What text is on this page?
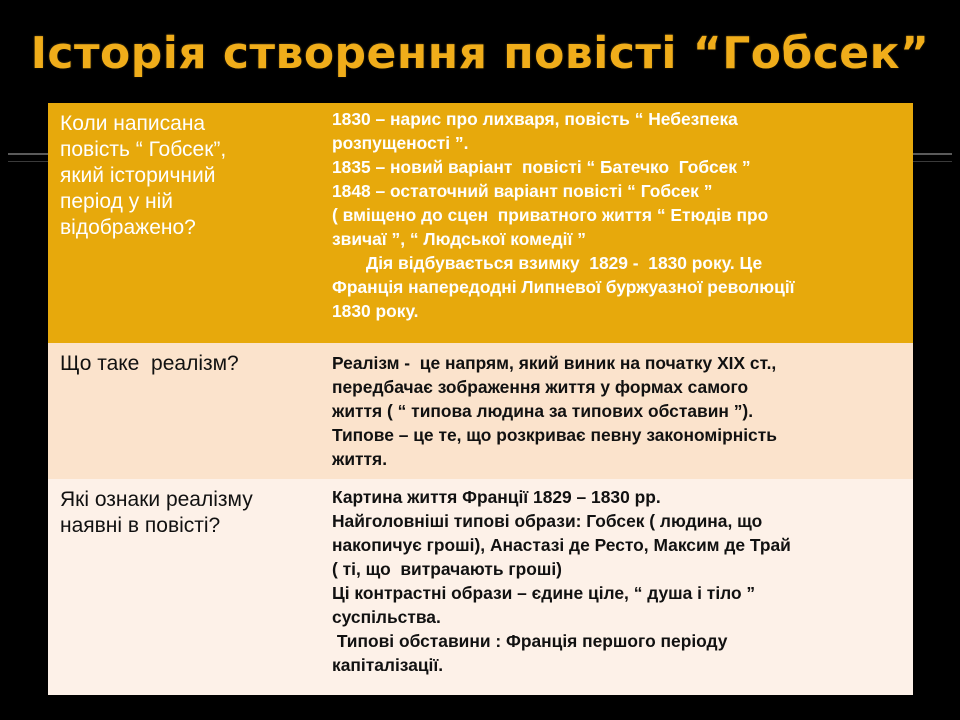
Історія створення повісті “Гобсек”
Коли написана
повість “ Гобсек”,
який історичний
період у ній
відображено?
1830 – нарис про лихваря, повість “ Небезпека
розпущеності ”.
1835 – новий варіант  повісті “ Батечко  Гобсек ”
1848 – остаточний варіант повісті “ Гобсек ”
( вміщено до сцен  приватного життя “ Етюдів про
звичаї ”, “ Людської комедії ”
Дія відбувається взимку  1829 -  1830 року. Це
Франція напередодні Липневої буржуазної революції
1830 року.
Що таке  реалізм?	Реалізм -  це напрям, який виник на початку ХІХ ст.,
передбачає зображення життя у формах самого
життя ( “ типова людина за типових обставин ”).
Типове – це те, що розкриває певну закономірність
життя.
Які ознаки реалізму
наявні в повісті?
Картина життя Франції 1829 – 1830 рр.
Найголовніші типові образи: Гобсек ( людина, що
накопичує гроші), Анастазі де Ресто, Максим де Трай
( ті, що  витрачають гроші)
Ці контрастні образи – єдине ціле, “ душа і тіло ”
суспільства.
Типові обставини : Франція першого періоду
капіталізації.
